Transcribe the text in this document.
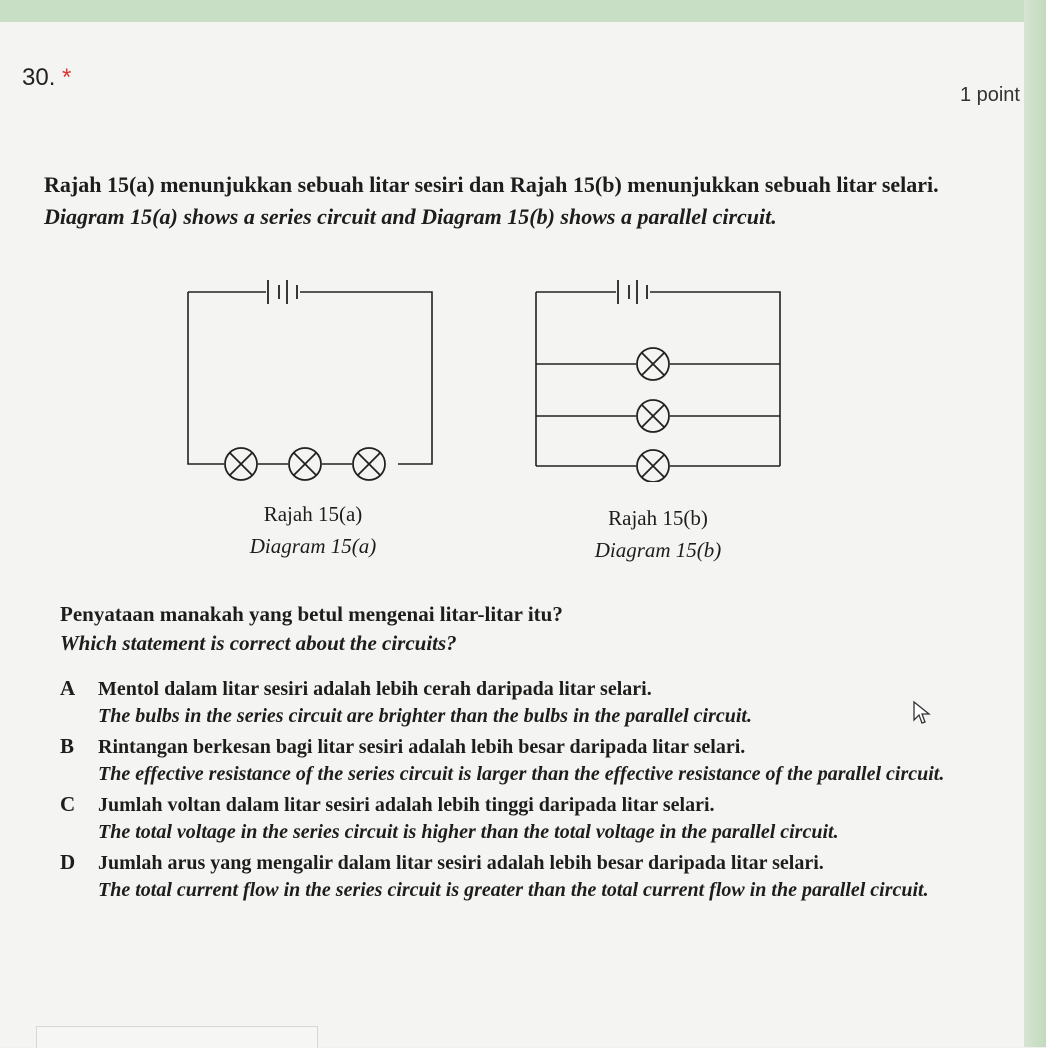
30. *
1 point

Rajah 15(a) menunjukkan sebuah litar sesiri dan Rajah 15(b) menunjukkan sebuah litar selari.

Diagram 15(a) shows a series circuit and Diagram 15(b) shows a parallel circuit.

Rajah 15(a)
Diagram 15(a)
Rajah 15(b)
Diagram 15(b)

Penyataan manakah yang betul mengenai litar-litar itu?

Which statement is correct about the circuits?

A Mentol dalam litar sesiri adalah lebih cerah daripada litar selari.
The bulbs in the series circuit are brighter than the bulbs in the parallel circuit.
B Rintangan berkesan bagi litar sesiri adalah lebih besar daripada litar selari.
The effective resistance of the series circuit is larger than the effective resistance of the parallel circuit.
C Jumlah voltan dalam litar sesiri adalah lebih tinggi daripada litar selari.
The total voltage in the series circuit is higher than the total voltage in the parallel circuit.
D Jumlah arus yang mengalir dalam litar sesiri adalah lebih besar daripada litar selari.
The total current flow in the series circuit is greater than the total current flow in the parallel circuit.
